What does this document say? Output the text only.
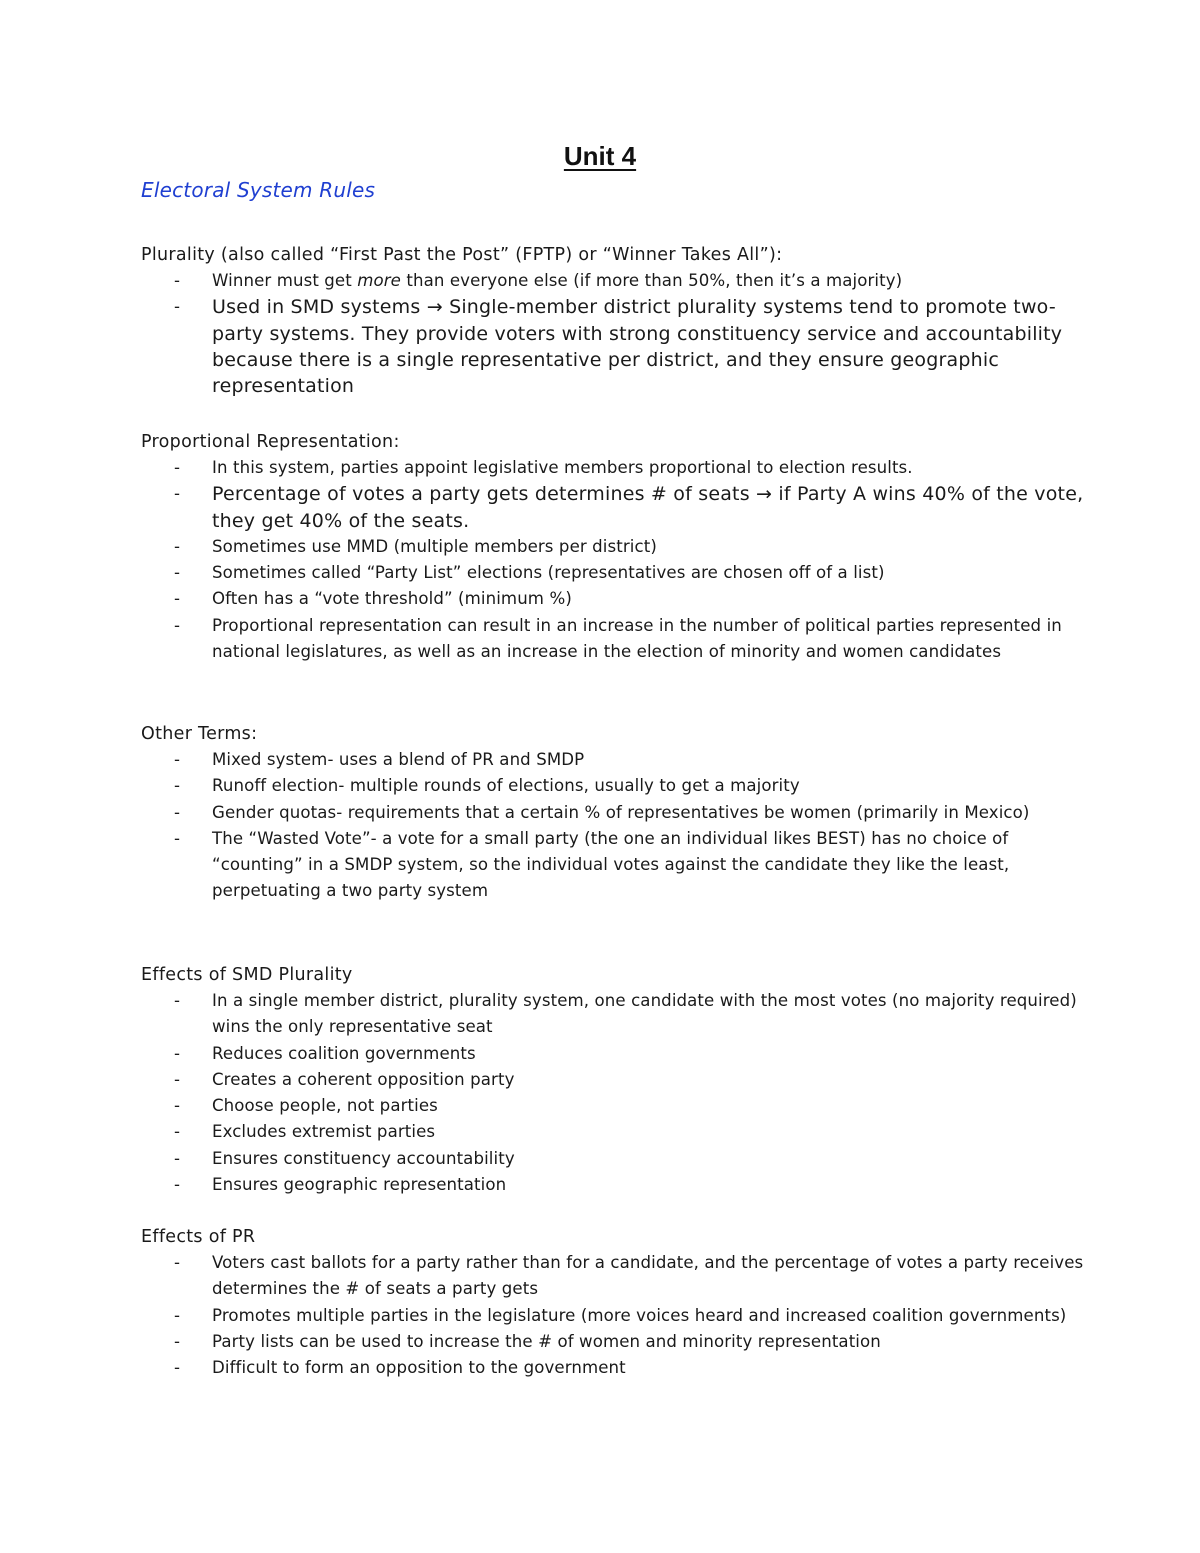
Unit 4
Electoral System Rules

Plurality (also called “First Past the Post” (FPTP) or “Winner Takes All”):

- Winner must get more than everyone else (if more than 50%, then it’s a majority)
- Used in SMD systems → Single-member district plurality systems tend to promote two-party systems. They provide voters with strong constituency service and accountability because there is a single representative per district, and they ensure geographic representation

Proportional Representation:

- In this system, parties appoint legislative members proportional to election results.
- Percentage of votes a party gets determines # of seats → if Party A wins 40% of the vote, they get 40% of the seats.
- Sometimes use MMD (multiple members per district)
- Sometimes called “Party List” elections (representatives are chosen off of a list)
- Often has a “vote threshold” (minimum %)
- Proportional representation can result in an increase in the number of political parties represented in national legislatures, as well as an increase in the election of minority and women candidates

Other Terms:

- Mixed system- uses a blend of PR and SMDP
- Runoff election- multiple rounds of elections, usually to get a majority
- Gender quotas- requirements that a certain % of representatives be women (primarily in Mexico)
- The “Wasted Vote”- a vote for a small party (the one an individual likes BEST) has no choice of “counting” in a SMDP system, so the individual votes against the candidate they like the least, perpetuating a two party system

Effects of SMD Plurality

- In a single member district, plurality system, one candidate with the most votes (no majority required) wins the only representative seat
- Reduces coalition governments
- Creates a coherent opposition party
- Choose people, not parties
- Excludes extremist parties
- Ensures constituency accountability
- Ensures geographic representation

Effects of PR

- Voters cast ballots for a party rather than for a candidate, and the percentage of votes a party receives determines the # of seats a party gets
- Promotes multiple parties in the legislature (more voices heard and increased coalition governments)
- Party lists can be used to increase the # of women and minority representation
- Difficult to form an opposition to the government
